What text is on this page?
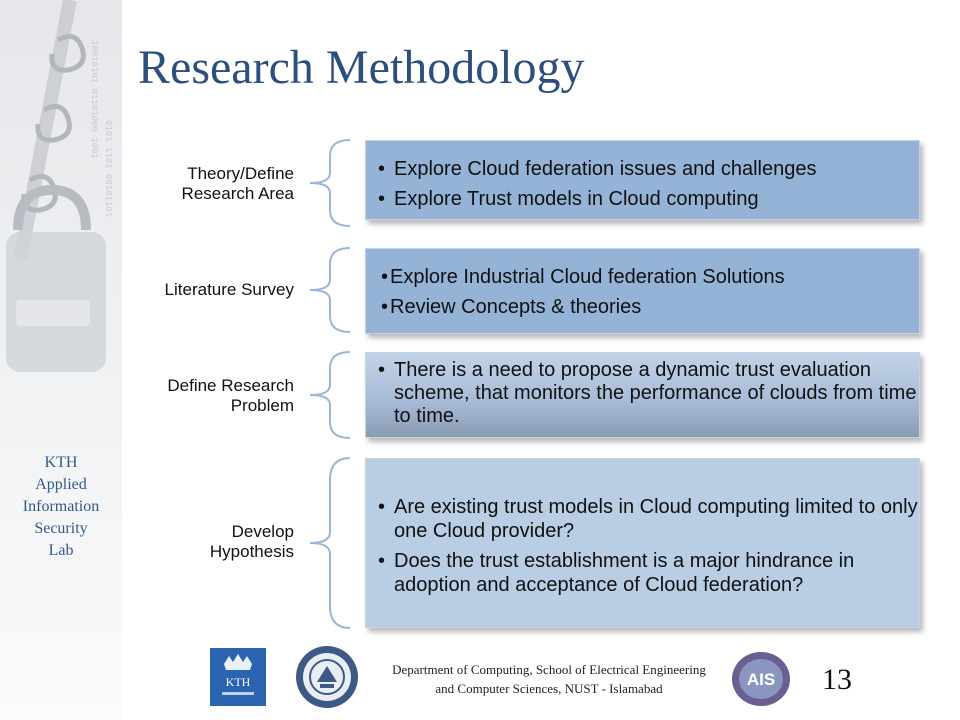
10010101 01101000 1001
0101 1101 00101101
KTH
Applied
Information
Security
Lab
Research Methodology
Theory/Define
Research Area
• Explore Cloud federation issues and challenges
• Explore Trust models in Cloud computing
Literature Survey
• Explore Industrial Cloud federation Solutions
• Review Concepts & theories
Define Research
Problem
• There is a need to propose a dynamic trust evaluation scheme, that monitors the performance of clouds from time to time.
Develop
Hypothesis
• Are existing trust models in Cloud computing limited to only one Cloud provider?
• Does the trust establishment is a major hindrance in adoption and acceptance of Cloud federation?
KTH
Department of Computing, School of Electrical Engineering and Computer Sciences, NUST - Islamabad	AIS 13
